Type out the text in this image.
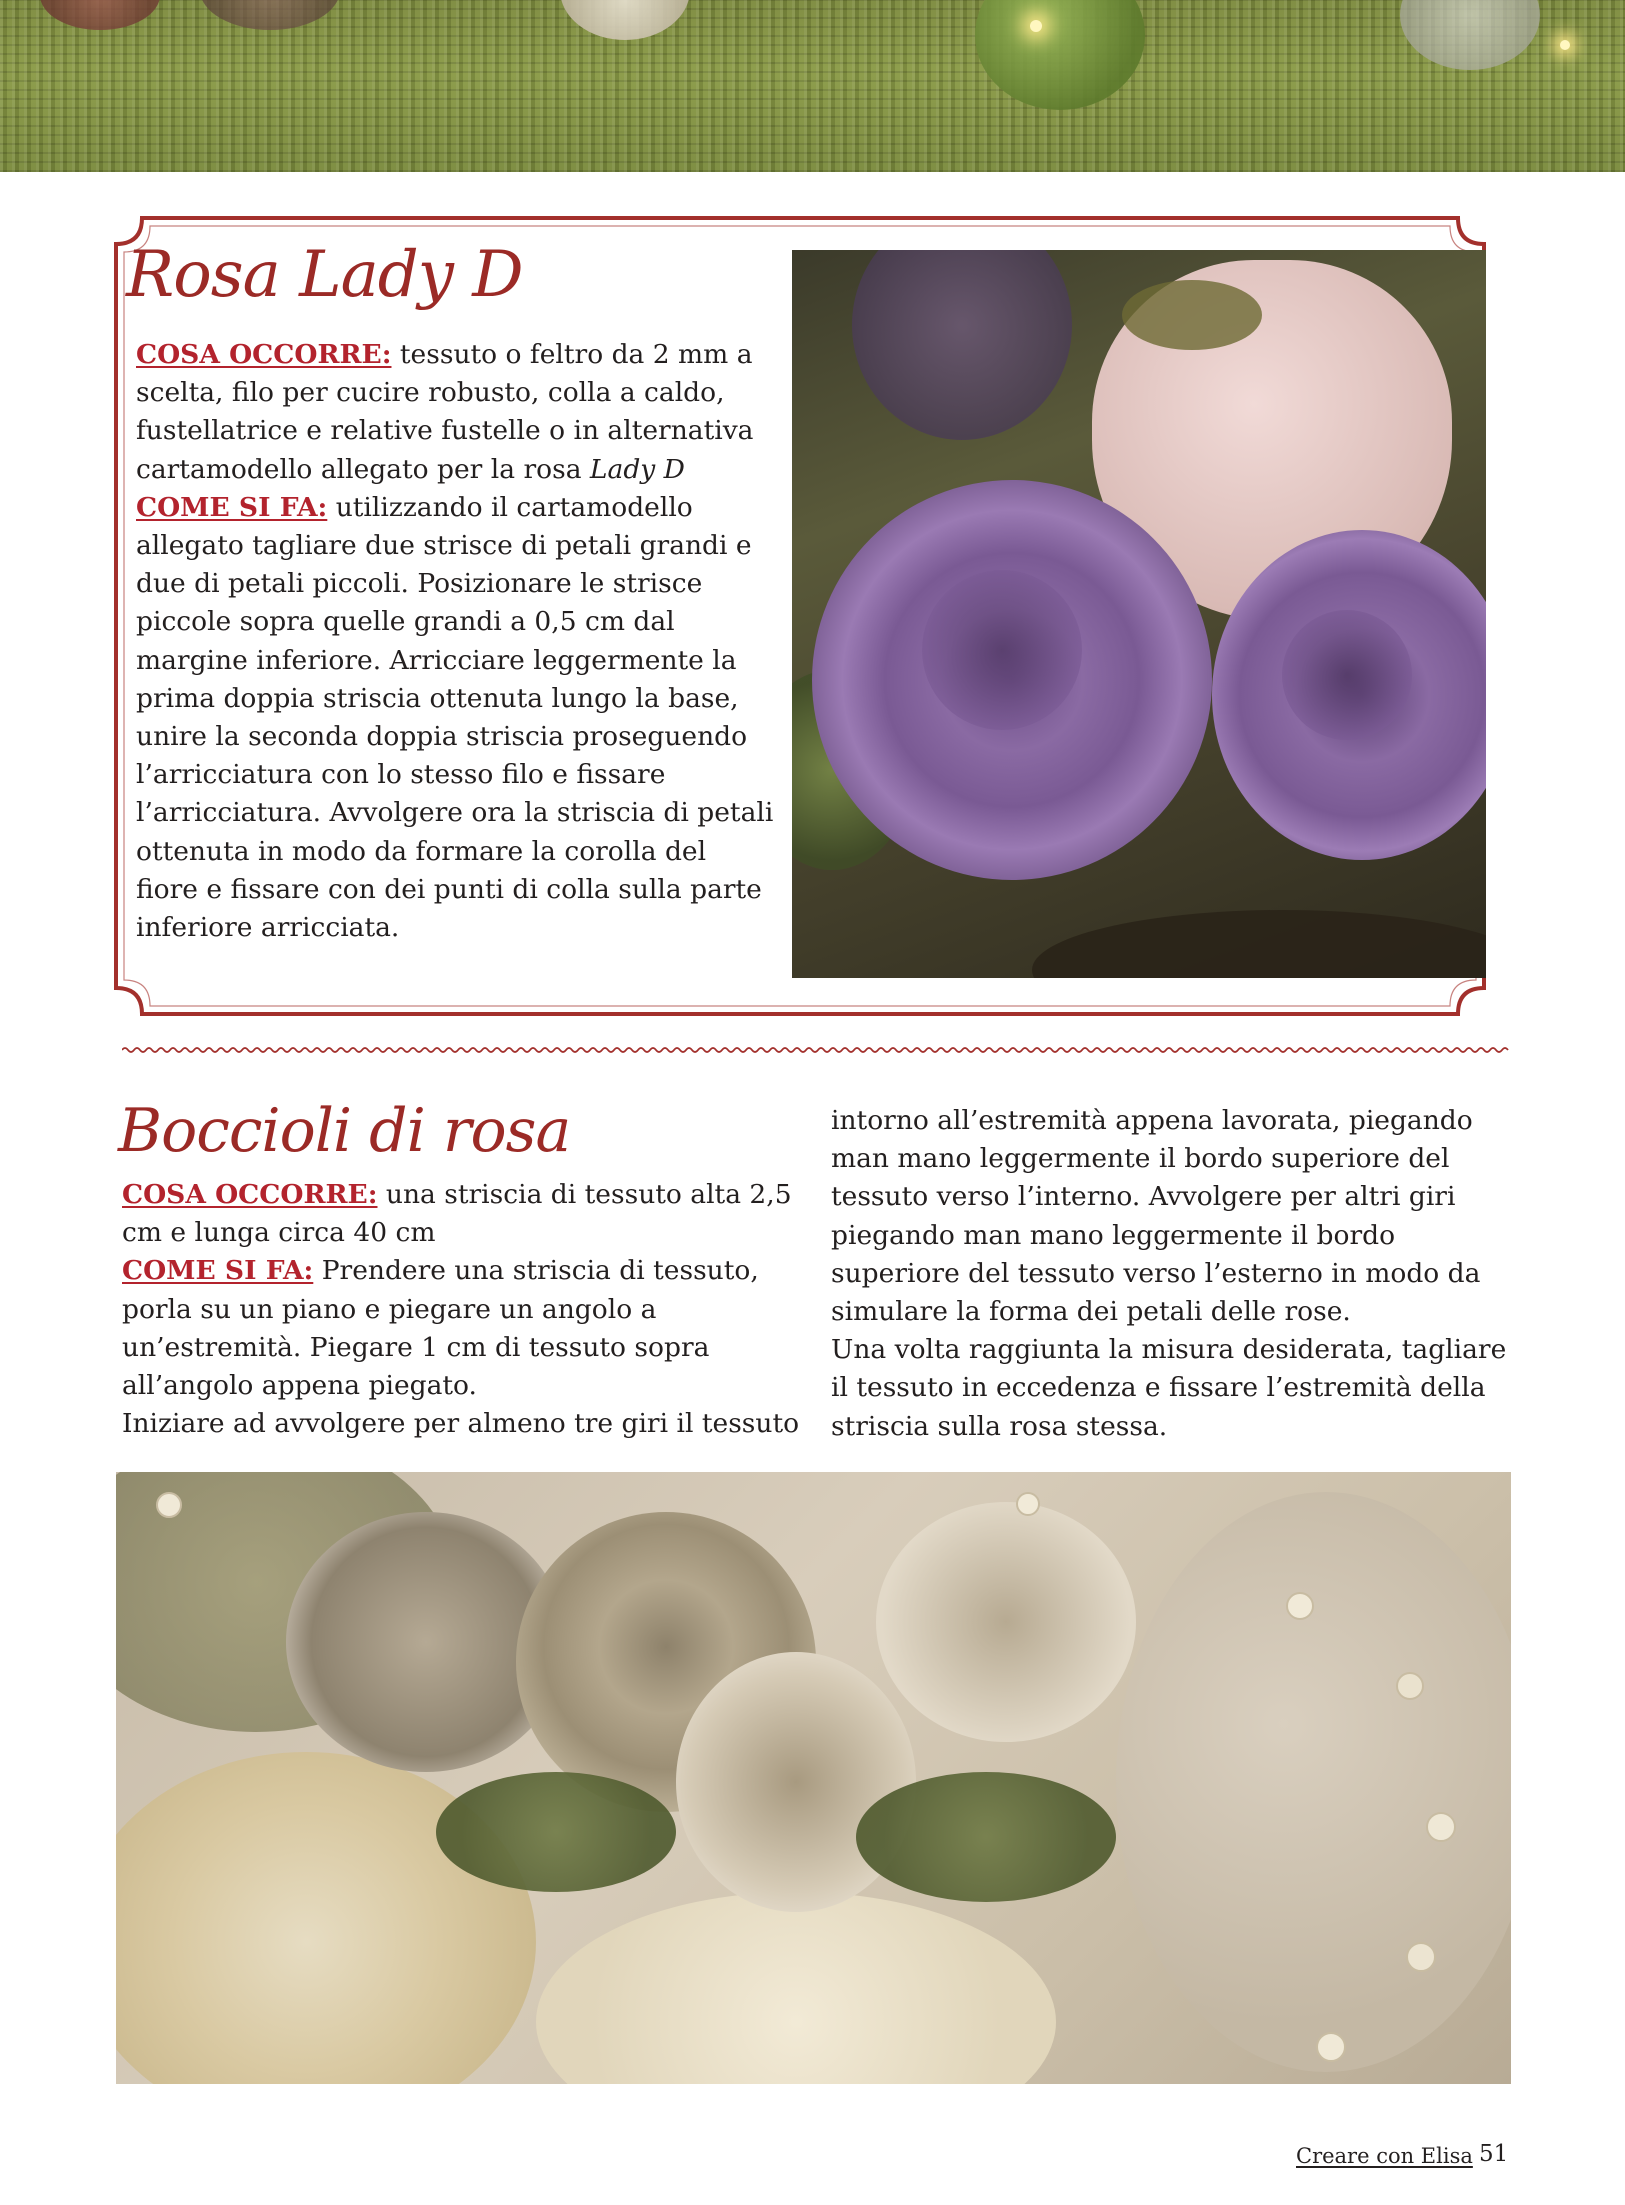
Rosa Lady D

COSA OCCORRE: tessuto o feltro da 2 mm a scelta, filo per cucire robusto, colla a caldo, fustellatrice e relative fustelle o in alternativa cartamodello allegato per la rosa Lady D

COME SI FA: utilizzando il cartamodello allegato tagliare due strisce di petali grandi e due di petali piccoli. Posizionare le strisce piccole sopra quelle grandi a 0,5 cm dal margine inferiore. Arricciare leggermente la prima doppia striscia ottenuta lungo la base, unire la seconda doppia striscia proseguendo l’arricciatura con lo stesso filo e fissare l’arricciatura. Avvolgere ora la striscia di petali ottenuta in modo da formare la corolla del fiore e fissare con dei punti di colla sulla parte inferiore arricciata.

Boccioli di rosa

COSA OCCORRE: una striscia di tessuto alta 2,5 cm e lunga circa 40 cm

COME SI FA: Prendere una striscia di tessuto, porla su un piano e piegare un angolo a un’estremità. Piegare 1 cm di tessuto sopra all’angolo appena piegato.

Iniziare ad avvolgere per almeno tre giri il tessuto

intorno all’estremità appena lavorata, piegando man mano leggermente il bordo superiore del tessuto verso l’interno. Avvolgere per altri giri piegando man mano leggermente il bordo superiore del tessuto verso l’esterno in modo da simulare la forma dei petali delle rose.

Una volta raggiunta la misura desiderata, tagliare il tessuto in eccedenza e fissare l’estremità della striscia sulla rosa stessa.

Creare con Elisa 51
